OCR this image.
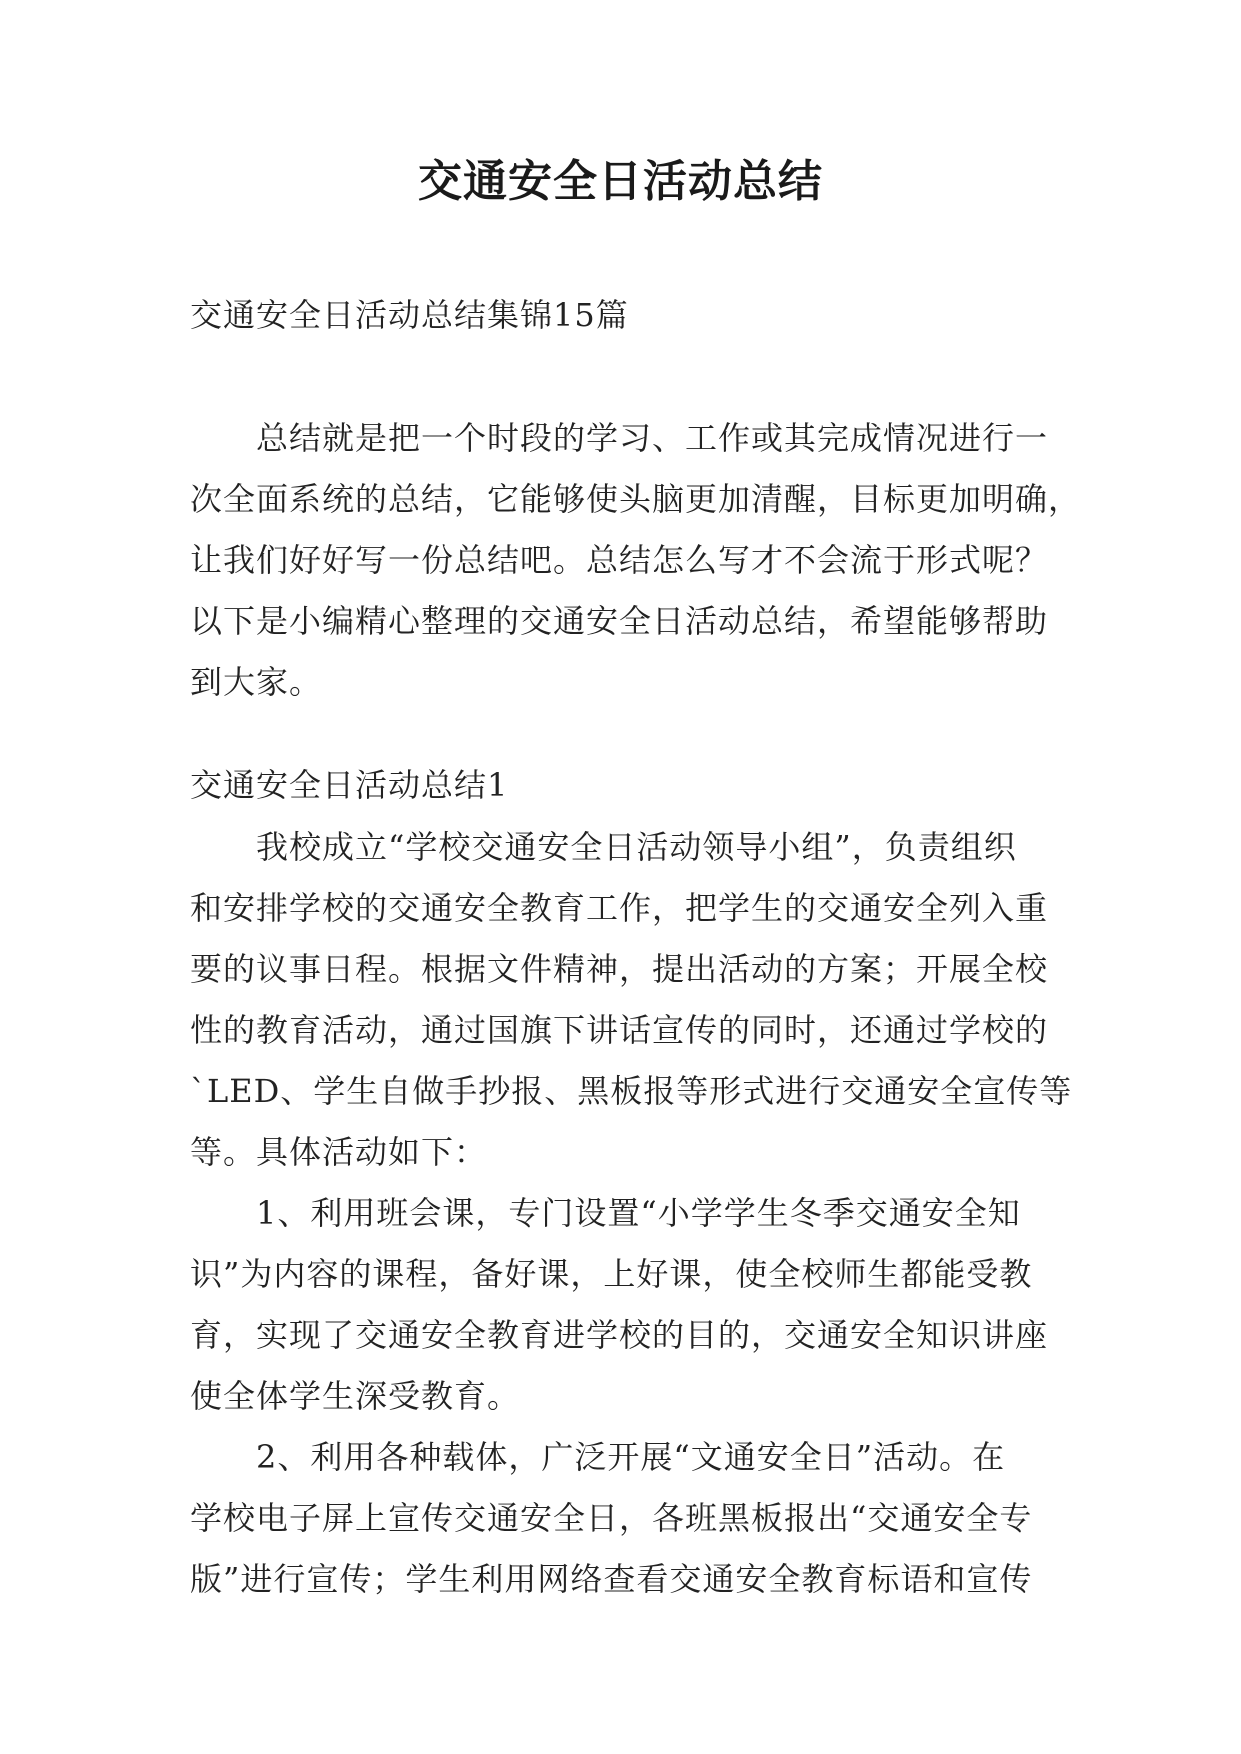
交通安全日活动总结

交通安全日活动总结集锦15篇

　　总结就是把一个时段的学习、工作或其完成情况进行一
次全面系统的总结，它能够使头脑更加清醒，目标更加明确，
让我们好好写一份总结吧。总结怎么写才不会流于形式呢？
以下是小编精心整理的交通安全日活动总结，希望能够帮助
到大家。

交通安全日活动总结1

　　我校成立“学校交通安全日活动领导小组”，负责组织
和安排学校的交通安全教育工作，把学生的交通安全列入重
要的议事日程。根据文件精神，提出活动的方案；开展全校
性的教育活动，通过国旗下讲话宣传的同时，还通过学校的
`LED、学生自做手抄报、黑板报等形式进行交通安全宣传等
等。具体活动如下：
　　1、利用班会课，专门设置“小学学生冬季交通安全知
识”为内容的课程，备好课，上好课，使全校师生都能受教
育，实现了交通安全教育进学校的目的，交通安全知识讲座
使全体学生深受教育。
　　2、利用各种载体，广泛开展“文通安全日”活动。在
学校电子屏上宣传交通安全日，各班黑板报出“交通安全专
版”进行宣传；学生利用网络查看交通安全教育标语和宣传
